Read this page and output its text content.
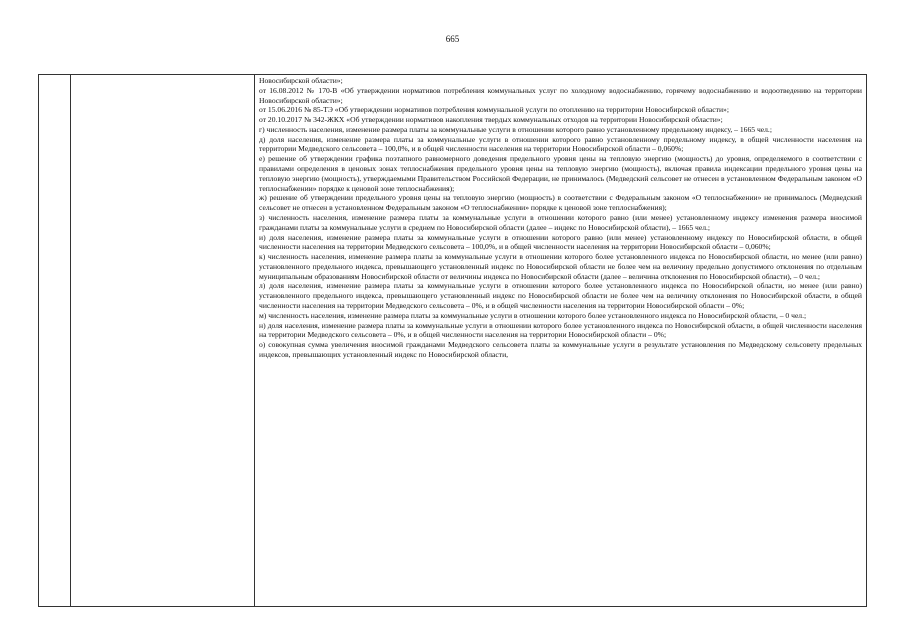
665

Новосибирской области»;

от 16.08.2012 № 170-В «Об утверждении нормативов потребления коммунальных услуг по холодному водоснабжению, горячему водоснабжению и водоотведению на территории Новосибирской области»;

от 15.06.2016 № 85-ТЭ «Об утверждении нормативов потребления коммунальной услуги по отоплению на территории Новосибирской области»;

от 20.10.2017 № 342-ЖКХ «Об утверждении нормативов накопления твердых коммунальных отходов на территории Новосибирской области»;

г) численность населения, изменение размера платы за коммунальные услуги в отношении которого равно установленному предельному индексу, – 1665 чел.;

д) доля населения, изменение размера платы за коммунальные услуги в отношении которого равно установленному предельному индексу, в общей численности населения на территории Медведского сельсовета – 100,0%, и в общей численности населения на территории Новосибирской области – 0,060%;

е) решение об утверждении графика поэтапного равномерного доведения предельного уровня цены на тепловую энергию (мощность) до уровня, определяемого в соответствии с правилами определения в ценовых зонах теплоснабжения предельного уровня цены на тепловую энергию (мощность), включая правила индексации предельного уровня цены на тепловую энергию (мощность), утверждаемыми Правительством Российской Федерации, не принималось (Медведский сельсовет не отнесен в установленном Федеральным законом «О теплоснабжении» порядке к ценовой зоне теплоснабжения);

ж) решение об утверждении предельного уровня цены на тепловую энергию (мощность) в соответствии с Федеральным законом «О теплоснабжении» не принималось (Медведский сельсовет не отнесен в установленном Федеральным законом «О теплоснабжении» порядке к ценовой зоне теплоснабжения);

з) численность населения, изменение размера платы за коммунальные услуги в отношении которого равно (или менее) установленному индексу изменения размера вносимой гражданами платы за коммунальные услуги в среднем по Новосибирской области (далее – индекс по Новосибирской области), – 1665 чел.;

и) доля населения, изменение размера платы за коммунальные услуги в отношении которого равно (или менее) установленному индексу по Новосибирской области, в общей численности населения на территории Медведского сельсовета – 100,0%, и в общей численности населения на территории Новосибирской области – 0,060%;

к) численность населения, изменение размера платы за коммунальные услуги в отношении которого более установленного индекса по Новосибирской области, но менее (или равно) установленного предельного индекса, превышающего установленный индекс по Новосибирской области не более чем на величину предельно допустимого отклонения по отдельным муниципальным образованиям Новосибирской области от величины индекса по Новосибирской области (далее – величина отклонения по Новосибирской области), – 0 чел.;

л) доля населения, изменение размера платы за коммунальные услуги в отношении которого более установленного индекса по Новосибирской области, но менее (или равно) установленного предельного индекса, превышающего установленный индекс по Новосибирской области не более чем на величину отклонения по Новосибирской области, в общей численности населения на территории Медведского сельсовета – 0%, и в общей численности населения на территории Новосибирской области – 0%;

м) численность населения, изменение размера платы за коммунальные услуги в отношении которого более установленного индекса по Новосибирской области, – 0 чел.;

н) доля населения, изменение размера платы за коммунальные услуги в отношении которого более установленного индекса по Новосибирской области, в общей численности населения на территории Медведского сельсовета – 0%, и в общей численности населения на территории Новосибирской области – 0%;

о) совокупная сумма увеличения вносимой гражданами Медведского сельсовета платы за коммунальные услуги в результате установления по Медведскому сельсовету предельных индексов, превышающих установленный индекс по Новосибирской области,
